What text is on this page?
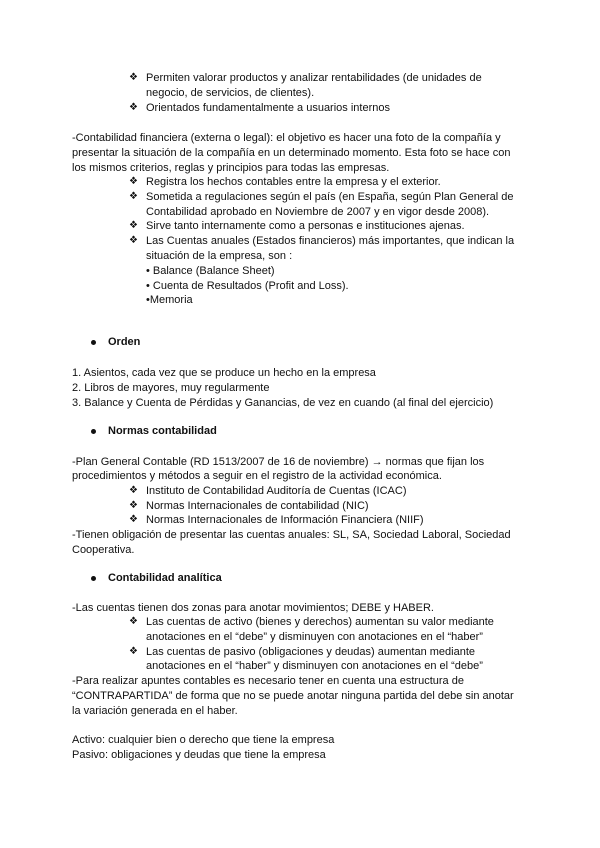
❖ Permiten valorar productos y analizar rentabilidades (de unidades de
negocio, de servicios, de clientes).
❖ Orientados fundamentalmente a usuarios internos
-Contabilidad financiera (externa o legal): el objetivo es hacer una foto de la compañía y
presentar la situación de la compañía en un determinado momento. Esta foto se hace con
los mismos criterios, reglas y principios para todas las empresas.
❖ Registra los hechos contables entre la empresa y el exterior.
❖ Sometida a regulaciones según el país (en España, según Plan General de
Contabilidad aprobado en Noviembre de 2007 y en vigor desde 2008).
❖ Sirve tanto internamente como a personas e instituciones ajenas.
❖ Las Cuentas anuales (Estados financieros) más importantes, que indican la
situación de la empresa, son :
• Balance (Balance Sheet)
• Cuenta de Resultados (Profit and Loss).
•Memoria
Orden
1. Asientos, cada vez que se produce un hecho en la empresa
2. Libros de mayores, muy regularmente
3. Balance y Cuenta de Pérdidas y Ganancias, de vez en cuando (al final del ejercicio)
Normas contabilidad
-Plan General Contable (RD 1513/2007 de 16 de noviembre) → normas que fijan los
procedimientos y métodos a seguir en el registro de la actividad económica.
❖ Instituto de Contabilidad Auditoría de Cuentas (ICAC)
❖ Normas Internacionales de contabilidad (NIC)
❖ Normas Internacionales de Información Financiera (NIIF)
-Tienen obligación de presentar las cuentas anuales: SL, SA, Sociedad Laboral, Sociedad
Cooperativa.
Contabilidad analítica
-Las cuentas tienen dos zonas para anotar movimientos; DEBE y HABER.
❖ Las cuentas de activo (bienes y derechos) aumentan su valor mediante
anotaciones en el “debe” y disminuyen con anotaciones en el “haber”
❖ Las cuentas de pasivo (obligaciones y deudas) aumentan mediante
anotaciones en el “haber” y disminuyen con anotaciones en el “debe”
-Para realizar apuntes contables es necesario tener en cuenta una estructura de
“CONTRAPARTIDA” de forma que no se puede anotar ninguna partida del debe sin anotar
la variación generada en el haber.
Activo: cualquier bien o derecho que tiene la empresa
Pasivo: obligaciones y deudas que tiene la empresa
